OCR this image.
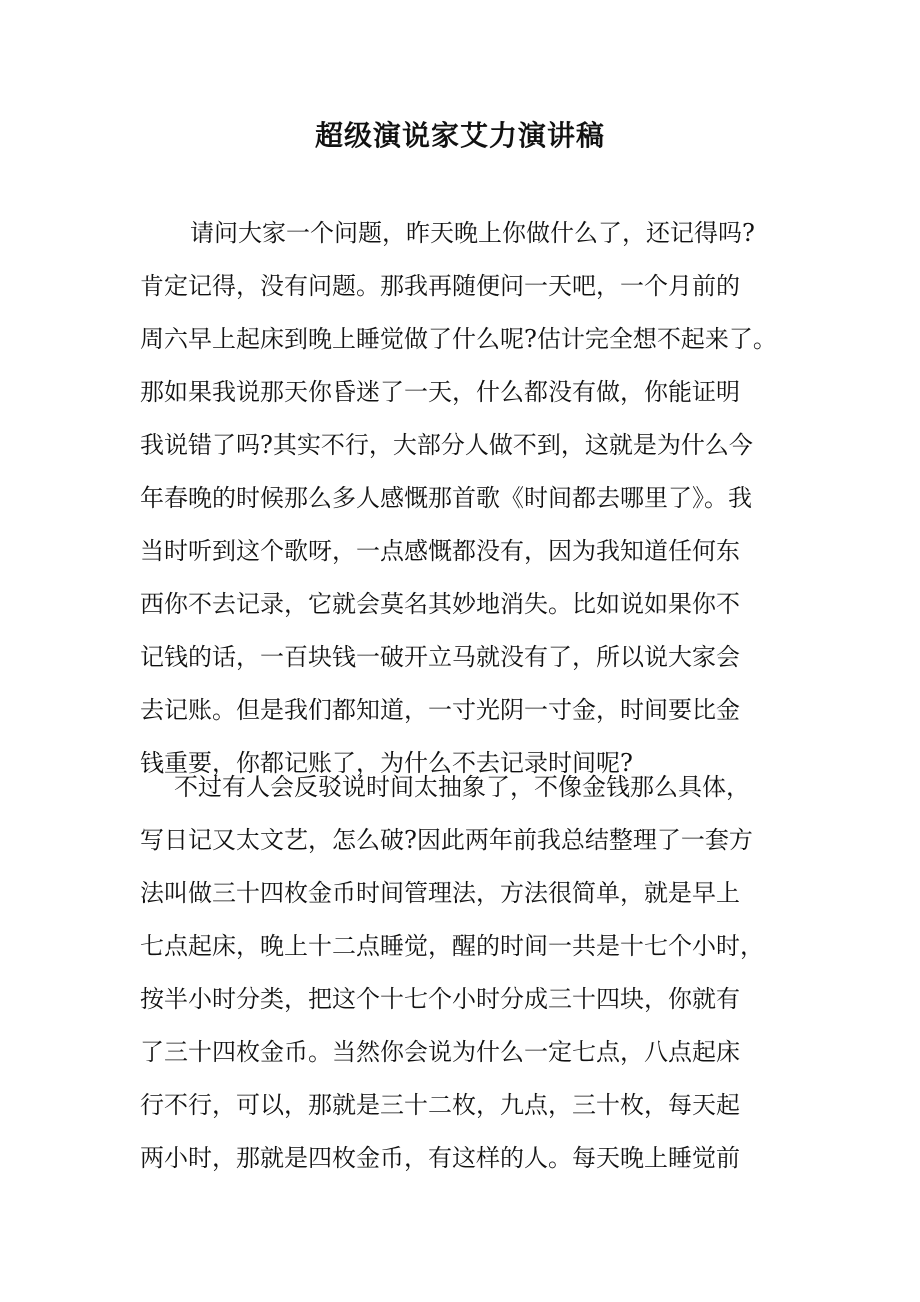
超级演说家艾力演讲稿
请问大家一个问题，昨天晚上你做什么了，还记得吗?
肯定记得，没有问题。那我再随便问一天吧，一个月前的
周六早上起床到晚上睡觉做了什么呢?估计完全想不起来了。
那如果我说那天你昏迷了一天，什么都没有做，你能证明
我说错了吗?其实不行，大部分人做不到，这就是为什么今
年春晚的时候那么多人感慨那首歌《时间都去哪里了》。我
当时听到这个歌呀，一点感慨都没有，因为我知道任何东
西你不去记录，它就会莫名其妙地消失。比如说如果你不
记钱的话，一百块钱一破开立马就没有了，所以说大家会
去记账。但是我们都知道，一寸光阴一寸金，时间要比金
钱重要，你都记账了，为什么不去记录时间呢?
不过有人会反驳说时间太抽象了，不像金钱那么具体，
写日记又太文艺，怎么破?因此两年前我总结整理了一套方
法叫做三十四枚金币时间管理法，方法很简单，就是早上
七点起床，晚上十二点睡觉，醒的时间一共是十七个小时，
按半小时分类，把这个十七个小时分成三十四块，你就有
了三十四枚金币。当然你会说为什么一定七点，八点起床
行不行，可以，那就是三十二枚，九点，三十枚，每天起
两小时，那就是四枚金币，有这样的人。每天晚上睡觉前
